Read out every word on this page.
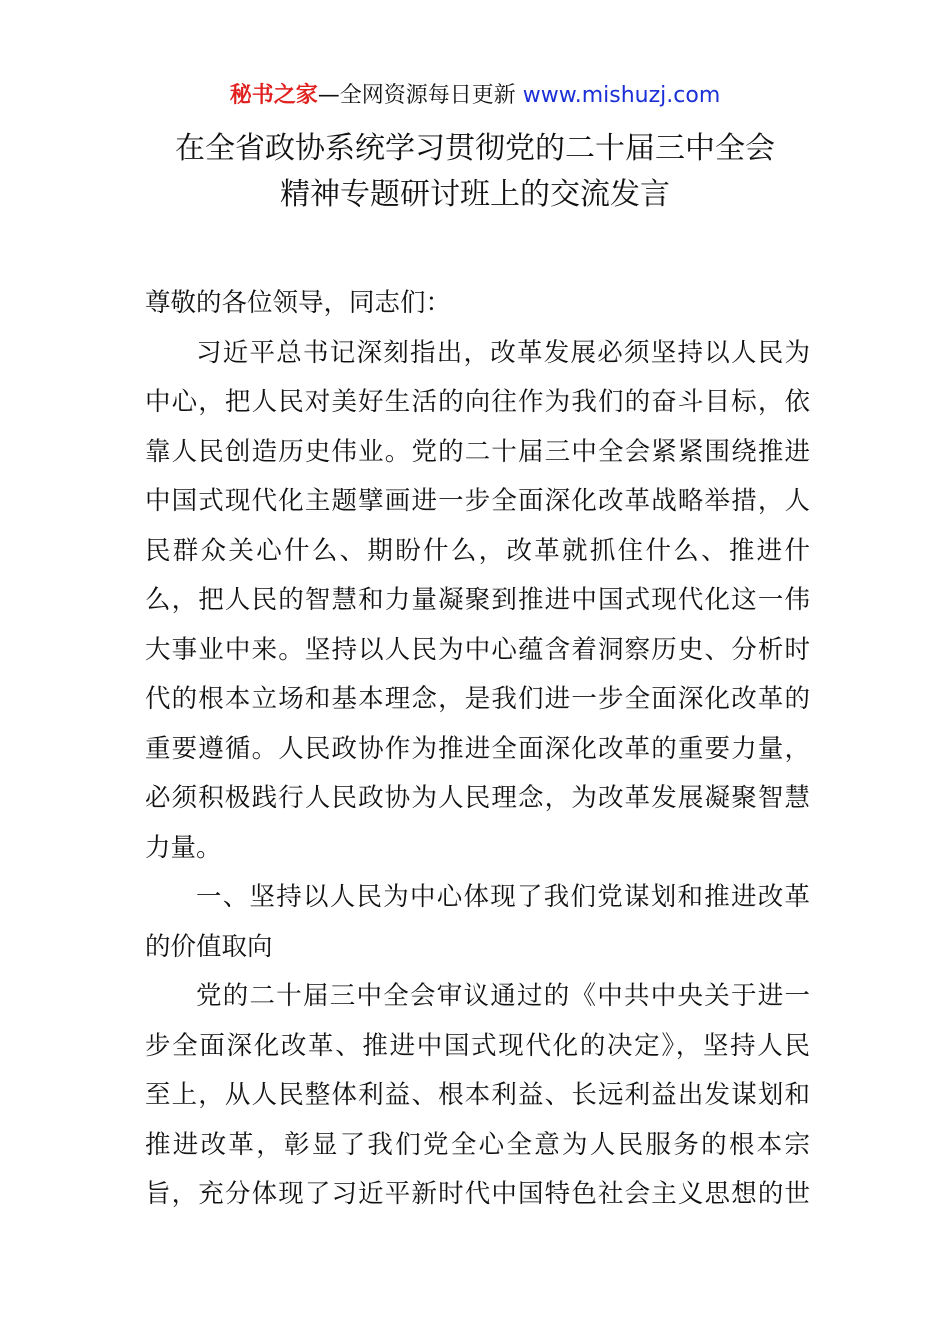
秘书之家—全网资源每日更新 www.mishuzj.com
在全省政协系统学习贯彻党的二十届三中全会
精神专题研讨班上的交流发言
尊敬的各位领导，同志们：
习近平总书记深刻指出，改革发展必须坚持以人民为
中心，把人民对美好生活的向往作为我们的奋斗目标，依
靠人民创造历史伟业。党的二十届三中全会紧紧围绕推进
中国式现代化主题擘画进一步全面深化改革战略举措，人
民群众关心什么、期盼什么，改革就抓住什么、推进什
么，把人民的智慧和力量凝聚到推进中国式现代化这一伟
大事业中来。坚持以人民为中心蕴含着洞察历史、分析时
代的根本立场和基本理念，是我们进一步全面深化改革的
重要遵循。人民政协作为推进全面深化改革的重要力量，
必须积极践行人民政协为人民理念，为改革发展凝聚智慧
力量。
一、坚持以人民为中心体现了我们党谋划和推进改革
的价值取向
党的二十届三中全会审议通过的《中共中央关于进一
步全面深化改革、推进中国式现代化的决定》，坚持人民
至上，从人民整体利益、根本利益、长远利益出发谋划和
推进改革，彰显了我们党全心全意为人民服务的根本宗
旨，充分体现了习近平新时代中国特色社会主义思想的世
